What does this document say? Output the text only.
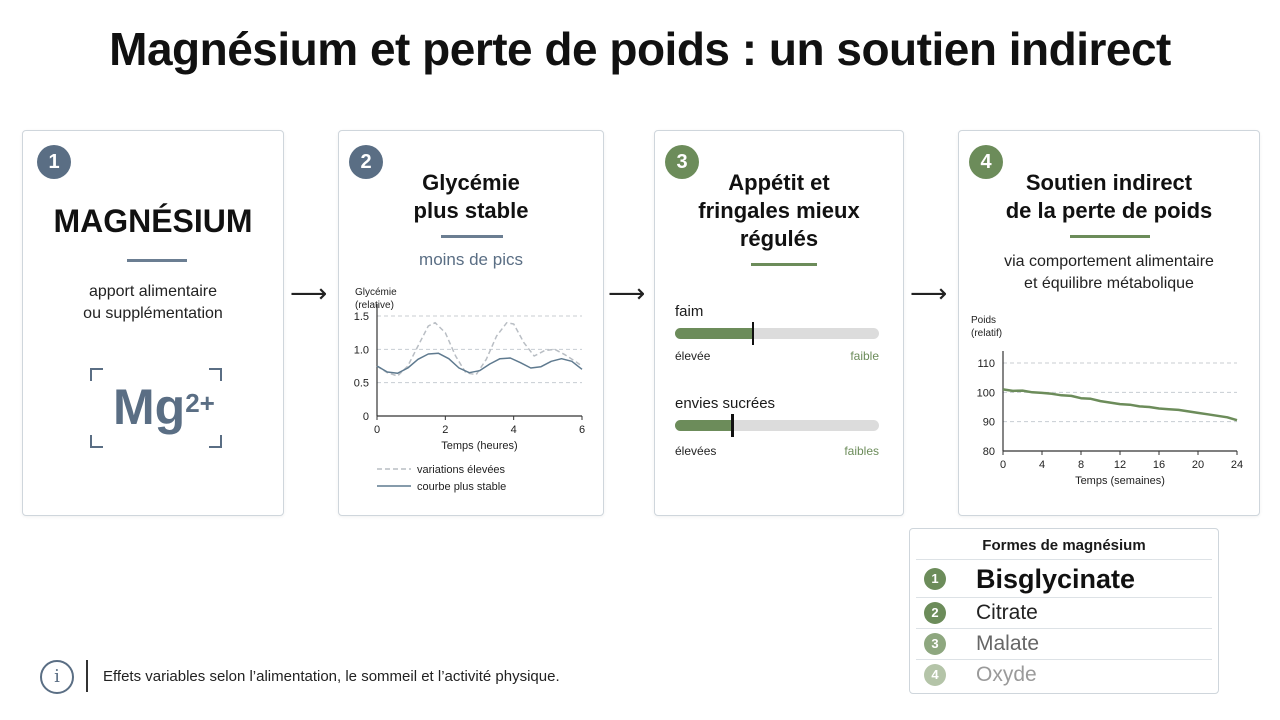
Magnésium et perte de poids : un soutien indirect
1
MAGNÉSIUM
apport alimentaire
ou supplémentation
$Mg^{2+}$
⟶
2
Glycémie
plus stable
moins de pics
Glycémie
(relative)
0
0.5
1.0
1.5
0	2	4	6
Temps (heures)
variations élevées
courbe plus stable
⟶
3
Appétit et
fringales mieux
régulés
faim
élevée	faible
envies sucrées
élevées	faibles
⟶
4
Soutien indirect
de la perte de poids
via comportement alimentaire
et équilibre métabolique
Poids
(relatif)
80
90
100
110
0	4	8	12 16 20 24
Temps (semaines)
Formes de magnésium
1 Bisglycinate
2	Citrate
3	Malate
4	Oxyde
i	Effets variables selon l’alimentation, le sommeil et l’activité physique.
